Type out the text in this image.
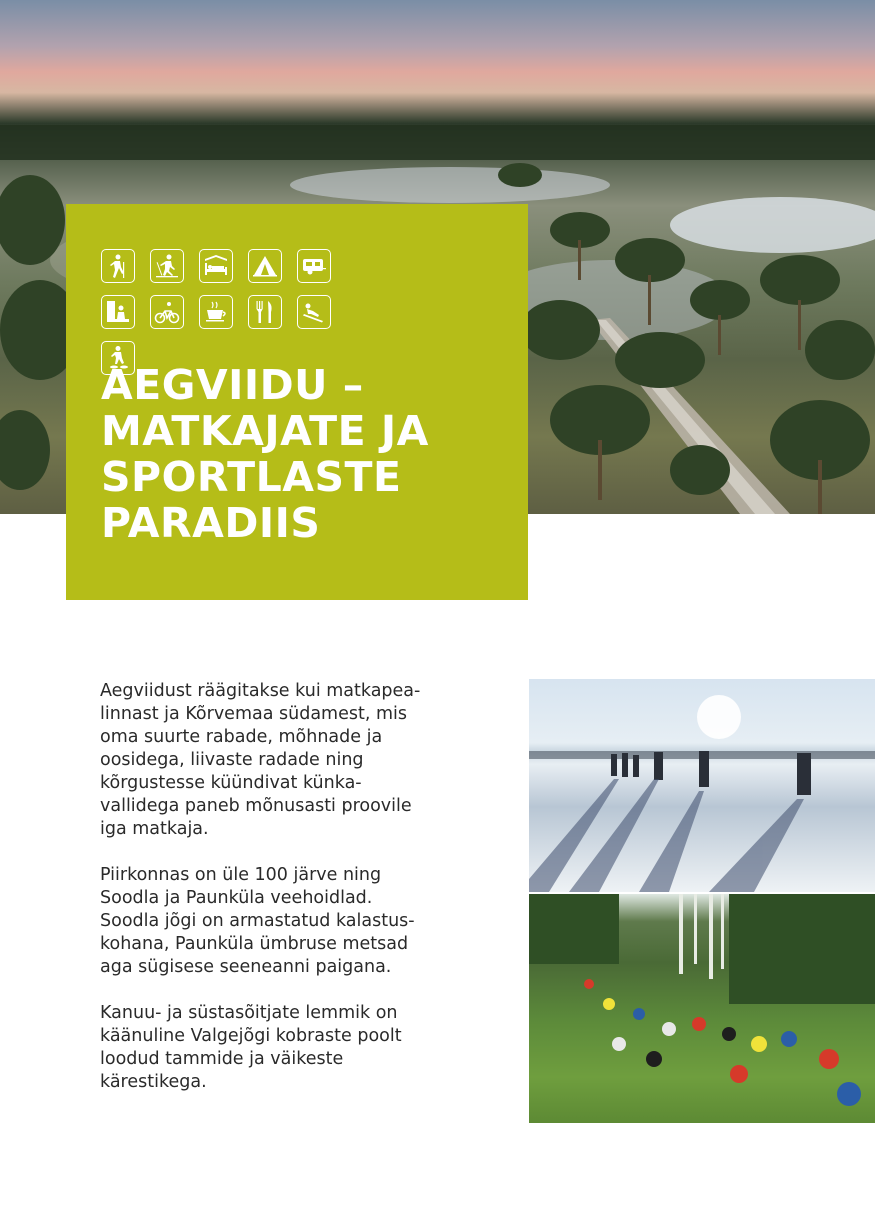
AEGVIIDU –
MATKAJATE JA
SPORTLASTE
PARADIIS

Aegviidust räägitakse kui matkapea-
linnast ja Kõrvemaa südamest, mis
oma suurte rabade, mõhnade ja
oosidega, liivaste radade ning
kõrgustesse küündivat künka-
vallidega paneb mõnusasti proovile
iga matkaja.

Piirkonnas on üle 100 järve ning
Soodla ja Paunküla veehoidlad.
Soodla jõgi on armastatud kalastus-
kohana, Paunküla ümbruse metsad
aga sügisese seeneanni paigana.

Kanuu- ja süstasõitjate lemmik on
käänuline Valgejõgi kobraste poolt
loodud tammide ja väikeste
kärestikega.
